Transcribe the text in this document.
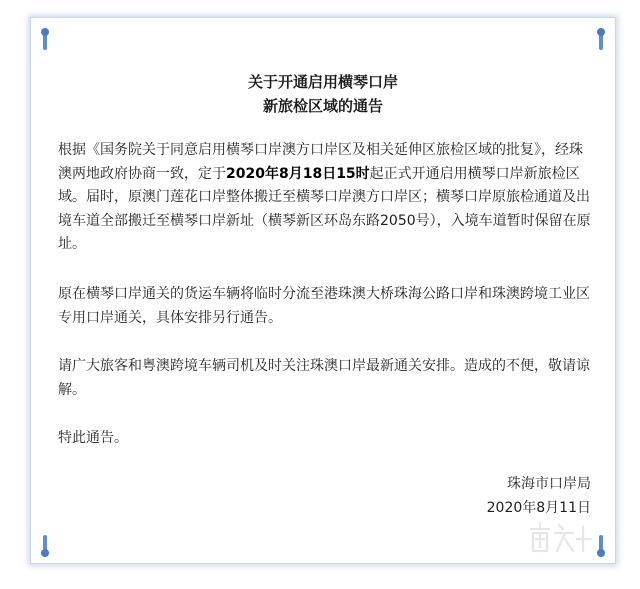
关于开通启用横琴口岸
新旅检区域的通告

根据《国务院关于同意启用横琴口岸澳方口岸区及相关延伸区旅检区域的批复》，经珠澳两地政府协商一致，定于2020年8月18日15时起正式开通启用横琴口岸新旅检区域。届时，原澳门莲花口岸整体搬迁至横琴口岸澳方口岸区；横琴口岸原旅检通道及出境车道全部搬迁至横琴口岸新址（横琴新区环岛东路2050号），入境车道暂时保留在原址。

原在横琴口岸通关的货运车辆将临时分流至港珠澳大桥珠海公路口岸和珠澳跨境工业区专用口岸通关，具体安排另行通告。

请广大旅客和粤澳跨境车辆司机及时关注珠澳口岸最新通关安排。造成的不便，敬请谅解。

特此通告。

珠海市口岸局
2020年8月11日
